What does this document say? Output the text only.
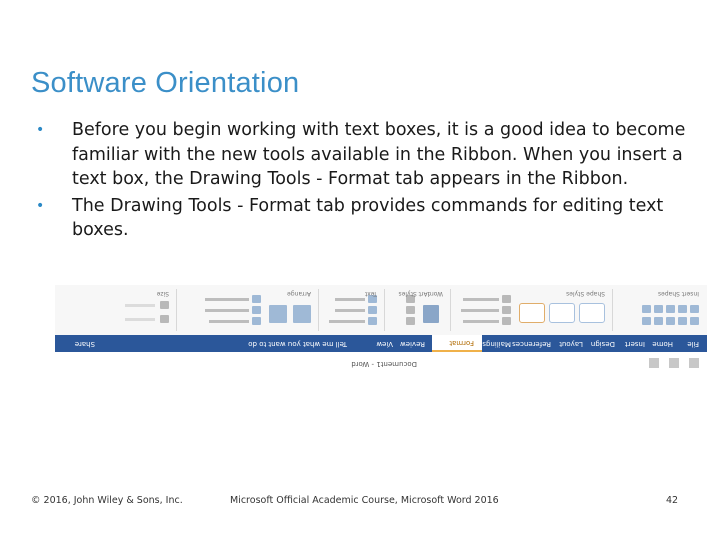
Software Orientation
• Before you begin working with text boxes, it is a good idea to become familiar with the new tools available in the Ribbon. When you insert a text box, the Drawing Tools - Format tab appears in the Ribbon.
• The Drawing Tools - Format tab provides commands for editing text boxes.
Document1 - Word
File
Home
Insert
Design
Layout
References
Mailings
Review
View	Format
Tell me what you want to do
Share
Insert Shapes
Shape Styles
WordArt Styles
Text
Arrange
Size
© 2016, John Wiley & Sons, Inc.	Microsoft Official Academic Course, Microsoft Word 2016	42
